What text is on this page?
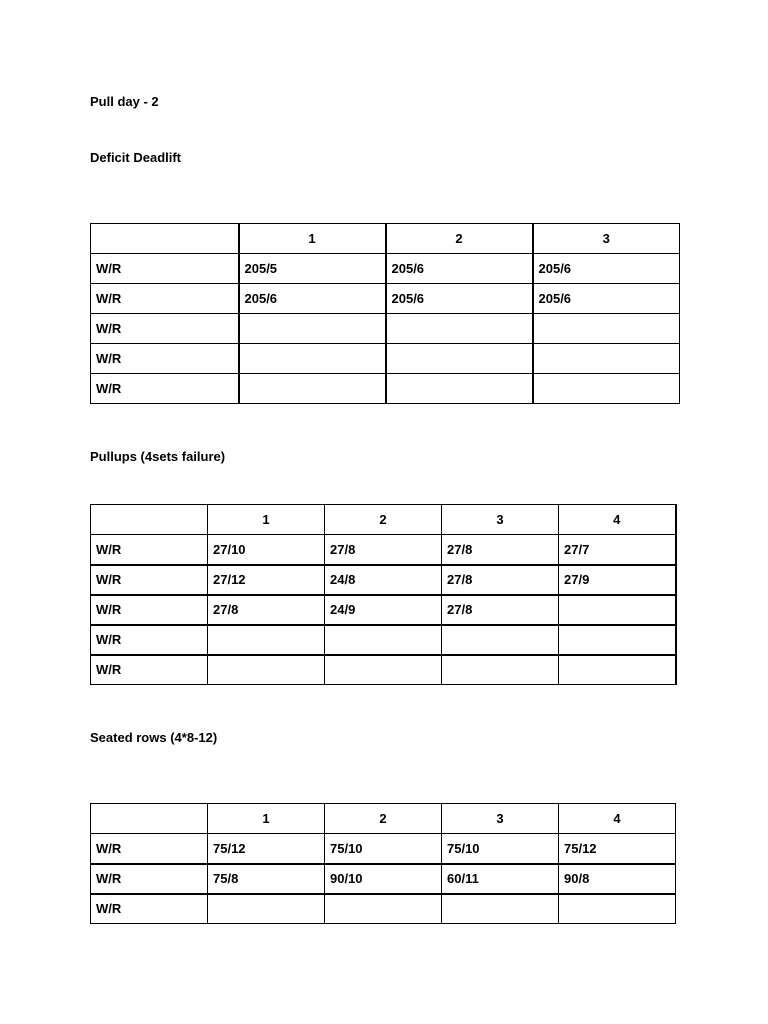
Pull day - 2
Deficit Deadlift
	1	2	3
W/R	205/5	205/6	205/6
W/R	205/6	205/6	205/6
W/R			
W/R			
W/R			
Pullups (4sets failure)
	1	2	3	4
W/R	27/10	27/8	27/8	27/7
W/R	27/12	24/8	27/8	27/9
W/R	27/8	24/9	27/8	
W/R				
W/R				
Seated rows (4*8-12)
	1	2	3	4
W/R	75/12	75/10	75/10	75/12
W/R	75/8	90/10	60/11	90/8
W/R				
